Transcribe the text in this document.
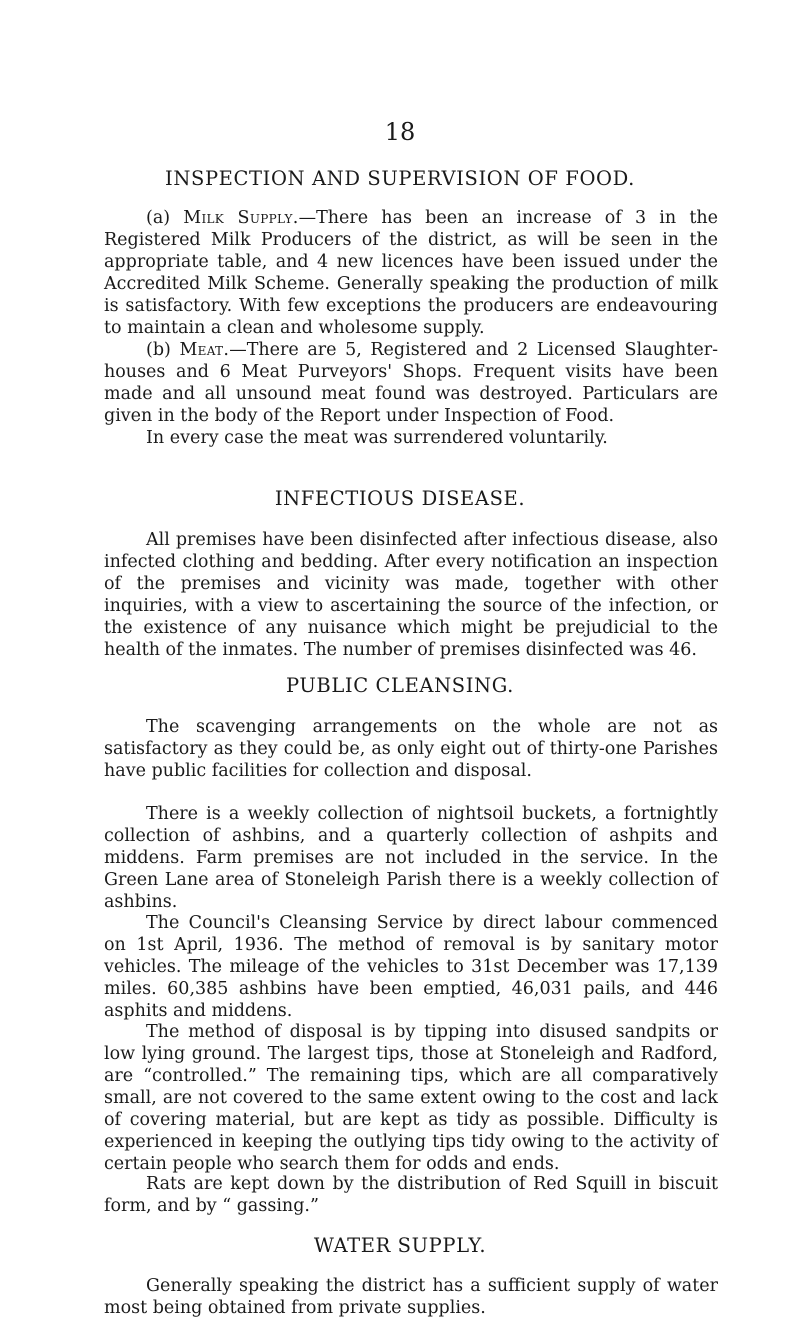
18
INSPECTION AND SUPERVISION OF FOOD.

(a) Milk Supply.—There has been an increase of 3 in the Registered Milk Producers of the district, as will be seen in the appropriate table, and 4 new licences have been issued under the Accredited Milk Scheme. Generally speaking the production of milk is satisfactory. With few exceptions the producers are endeavouring to maintain a clean and wholesome supply.

(b) Meat.—There are 5, Registered and 2 Licensed Slaughter-houses and 6 Meat Purveyors' Shops. Frequent visits have been made and all unsound meat found was destroyed. Particulars are given in the body of the Report under Inspection of Food.

In every case the meat was surrendered voluntarily.

INFECTIOUS DISEASE.

All premises have been disinfected after infectious disease, also infected clothing and bedding. After every notification an inspection of the premises and vicinity was made, together with other inquiries, with a view to ascertaining the source of the infection, or the existence of any nuisance which might be prejudicial to the health of the inmates. The number of premises disinfected was 46.

PUBLIC CLEANSING.

The scavenging arrangements on the whole are not as satisfactory as they could be, as only eight out of thirty-one Parishes have public facilities for collection and disposal.

There is a weekly collection of nightsoil buckets, a fortnightly collection of ashbins, and a quarterly collection of ashpits and middens. Farm premises are not included in the service. In the Green Lane area of Stoneleigh Parish there is a weekly collection of ashbins.

The Council's Cleansing Service by direct labour commenced on 1st April, 1936. The method of removal is by sanitary motor vehicles. The mileage of the vehicles to 31st December was 17,139 miles. 60,385 ashbins have been emptied, 46,031 pails, and 446 asphits and middens.

The method of disposal is by tipping into disused sandpits or low lying ground. The largest tips, those at Stoneleigh and Radford, are “controlled.” The remaining tips, which are all comparatively small, are not covered to the same extent owing to the cost and lack of covering material, but are kept as tidy as possible. Difficulty is experienced in keeping the outlying tips tidy owing to the activity of certain people who search them for odds and ends.

Rats are kept down by the distribution of Red Squill in biscuit form, and by “ gassing.”

WATER SUPPLY.

Generally speaking the district has a sufficient supply of water most being obtained from private supplies.
